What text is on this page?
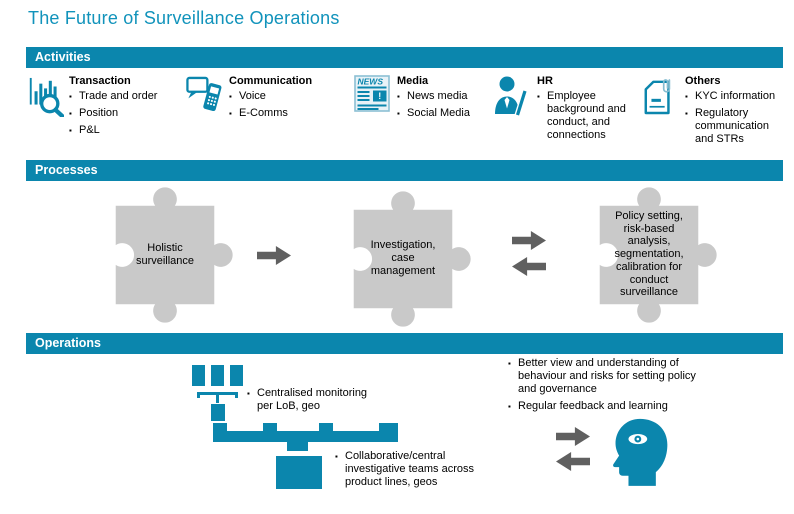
The Future of Surveillance Operations
Activities
Transaction
▪ Trade and order
▪ Position
▪ P&L
Communication
▪ Voice
▪ E-Comms
NEWS
!
Media
▪ News media
▪ Social Media
HR
▪ Employee background and conduct, and connections
Others
▪ KYC information
▪ Regulatory communication and STRs
Processes
Holistic surveillance
Investigation, case management
Policy setting, risk-based analysis, segmentation, calibration for conduct surveillance
Operations
▪ Centralised monitoring per LoB, geo
▪ Collaborative/central investigative teams across product lines, geos
▪ Better view and understanding of behaviour and risks for setting policy and governance
▪ Regular feedback and learning
